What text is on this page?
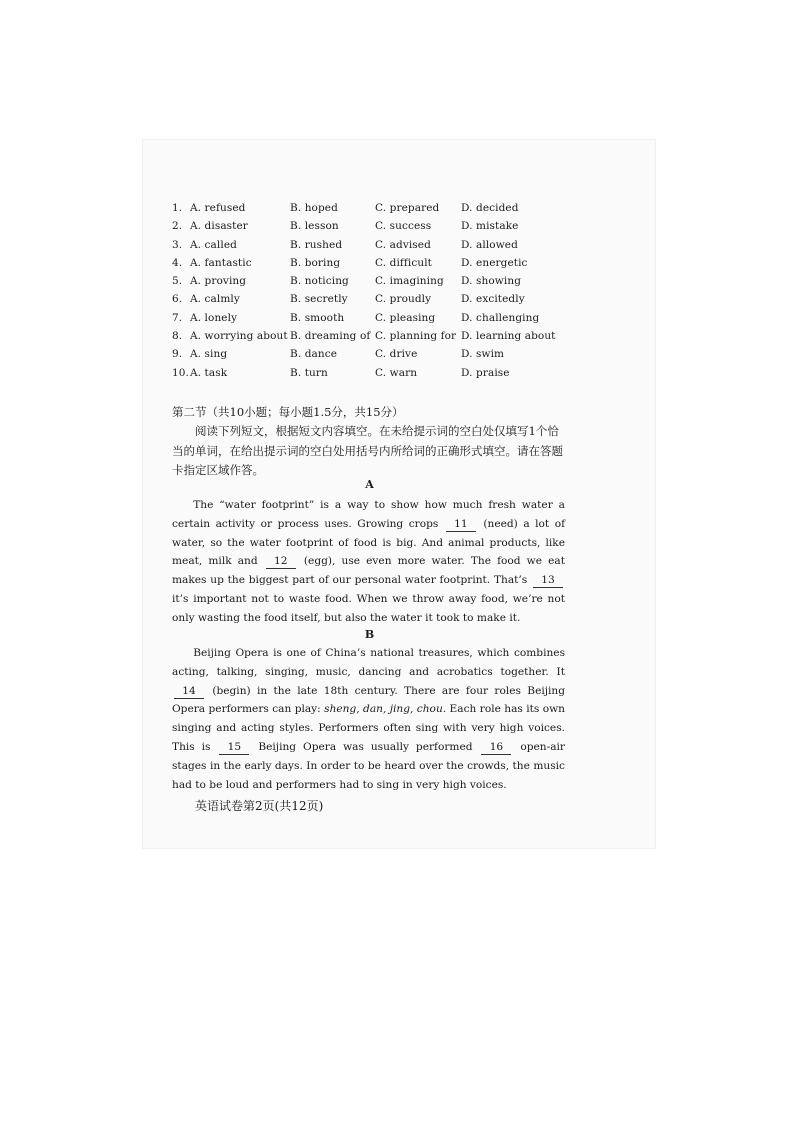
1. A. refused	B. hoped	C. prepared D. decided
2. A. disaster	B. lesson	C. success	D. mistake
3. A. called	B. rushed	C. advised	D. allowed
4. A. fantastic	B. boring	C. difficult	D. energetic
5. A. proving	B. noticing C. imagining D. showing
6. A. calmly	B. secretly	C. proudly	D. excitedly
7. A. lonely	B. smooth	C. pleasing D. challenging
8. A. worrying about B. dreaming of C. planning for D. learning about
9. A. sing	B. dance	C. drive	D. swim
10. A. task	B. turn	C. warn	D. praise
第二节（共10小题；每小题1.5分，共15分）
阅读下列短文，根据短文内容填空。在未给提示词的空白处仅填写1个恰当的单词，在给出提示词的空白处用括号内所给词的正确形式填空。请在答题卡指定区域作答。
A
The “water footprint” is a way to show how much fresh water a certain activity or process uses. Growing crops 11 (need) a lot of water, so the water footprint of food is big. And animal products, like meat, milk and 12 (egg), use even more water. The food we eat makes up the biggest part of our personal water footprint. That’s 13 it’s important not to waste food. When we throw away food, we’re not only wasting the food itself, but also the water it took to make it.
B
Beijing Opera is one of China’s national treasures, which combines acting, talking, singing, music, dancing and acrobatics together. It 14 (begin) in the late 18th century. There are four roles Beijing Opera performers can play: sheng, dan, jing, chou. Each role has its own singing and acting styles. Performers often sing with very high voices. This is 15 Beijing Opera was usually performed 16 open-air stages in the early days. In order to be heard over the crowds, the music had to be loud and performers had to sing in very high voices.
英语试卷第2页(共12页)
